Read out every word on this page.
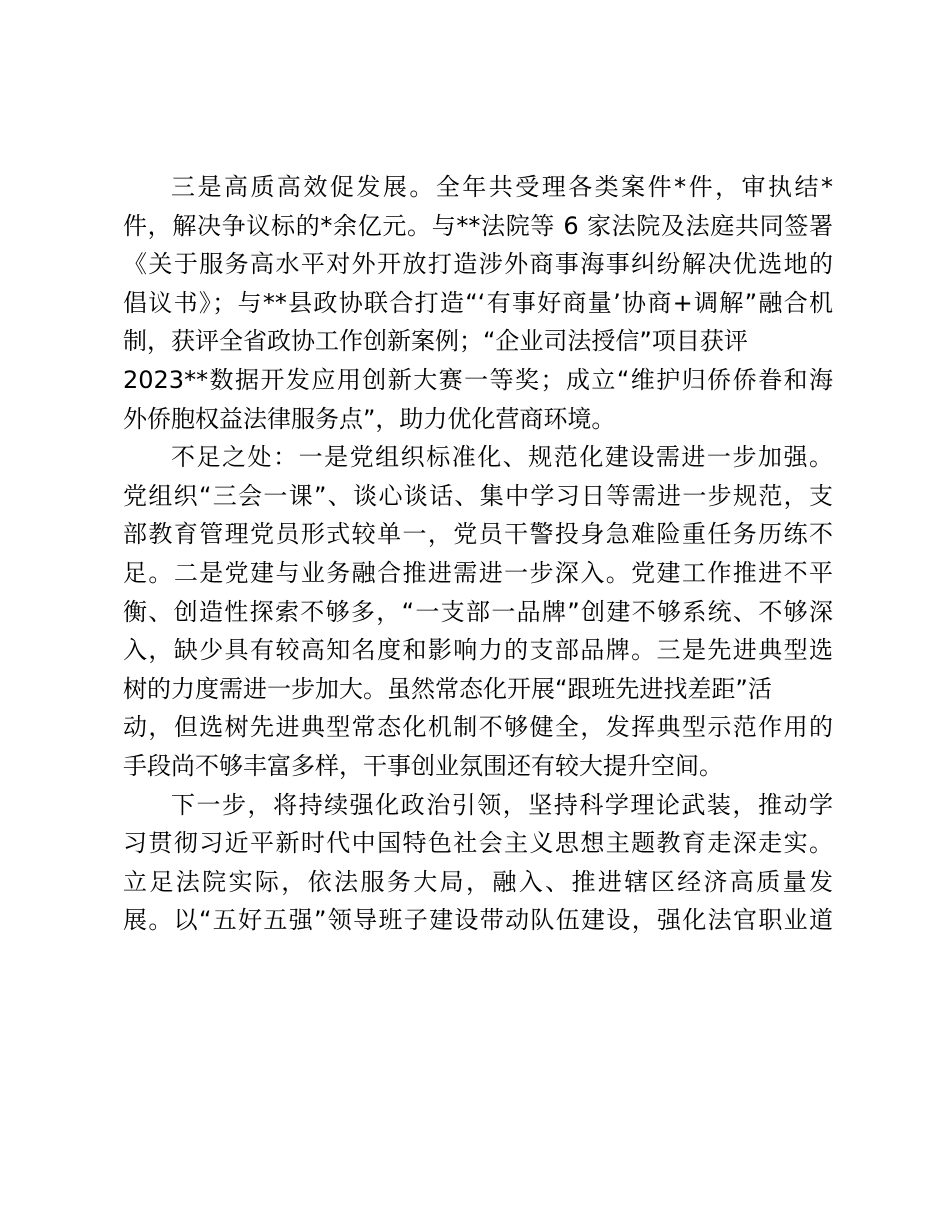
三是高质高效促发展。全年共受理各类案件*件，审执结*
件，解决争议标的*余亿元。与**法院等 6 家法院及法庭共同签署
《关于服务高水平对外开放打造涉外商事海事纠纷解决优选地的
倡议书》；与**县政协联合打造“‘有事好商量’协商+调解”融合机
制，获评全省政协工作创新案例；“企业司法授信”项目获评
2023**数据开发应用创新大赛一等奖；成立“维护归侨侨眷和海
外侨胞权益法律服务点”，助力优化营商环境。
不足之处：一是党组织标准化、规范化建设需进一步加强。
党组织“三会一课”、谈心谈话、集中学习日等需进一步规范，支
部教育管理党员形式较单一，党员干警投身急难险重任务历练不
足。二是党建与业务融合推进需进一步深入。党建工作推进不平
衡、创造性探索不够多，“一支部一品牌”创建不够系统、不够深
入，缺少具有较高知名度和影响力的支部品牌。三是先进典型选
树的力度需进一步加大。虽然常态化开展“跟班先进找差距”活
动，但选树先进典型常态化机制不够健全，发挥典型示范作用的
手段尚不够丰富多样，干事创业氛围还有较大提升空间。
下一步，将持续强化政治引领，坚持科学理论武装，推动学
习贯彻习近平新时代中国特色社会主义思想主题教育走深走实。
立足法院实际，依法服务大局，融入、推进辖区经济高质量发
展。以“五好五强”领导班子建设带动队伍建设，强化法官职业道
